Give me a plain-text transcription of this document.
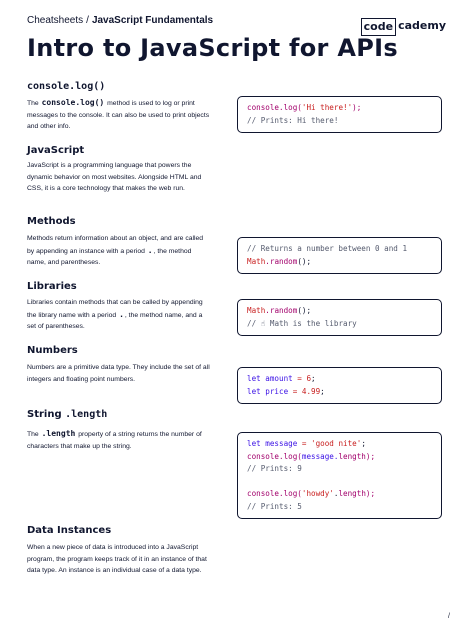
Cheatsheets / JavaScript Fundamentals	code cademy
Intro to JavaScript for APIs
console.log()
The console.log() method is used to log or print messages to the console. It can also be used to print objects and other info.
console.log('Hi there!');
// Prints: Hi there!
JavaScript
JavaScript is a programming language that powers the dynamic behavior on most websites. Alongside HTML and CSS, it is a core technology that makes the web run.
Methods
Methods return information about an object, and are called by appending an instance with a period ., the method name, and parentheses.
// Returns a number between 0 and 1
Math.random();
Libraries
Libraries contain methods that can be called by appending the library name with a period ., the method name, and a set of parentheses.
Math.random();
// ☝ Math is the library
Numbers
Numbers are a primitive data type. They include the set of all integers and floating point numbers.	let amount = 6;
let price = 4.99;
String .length
The .length property of a string returns the number of characters that make up the string.	let message = 'good nite';
console.log(message.length);
// Prints: 9

console.log('howdy'.length);
// Prints: 5
Data Instances
When a new piece of data is introduced into a JavaScript program, the program keeps track of it in an instance of that data type. An instance is an individual case of a data type.
/
